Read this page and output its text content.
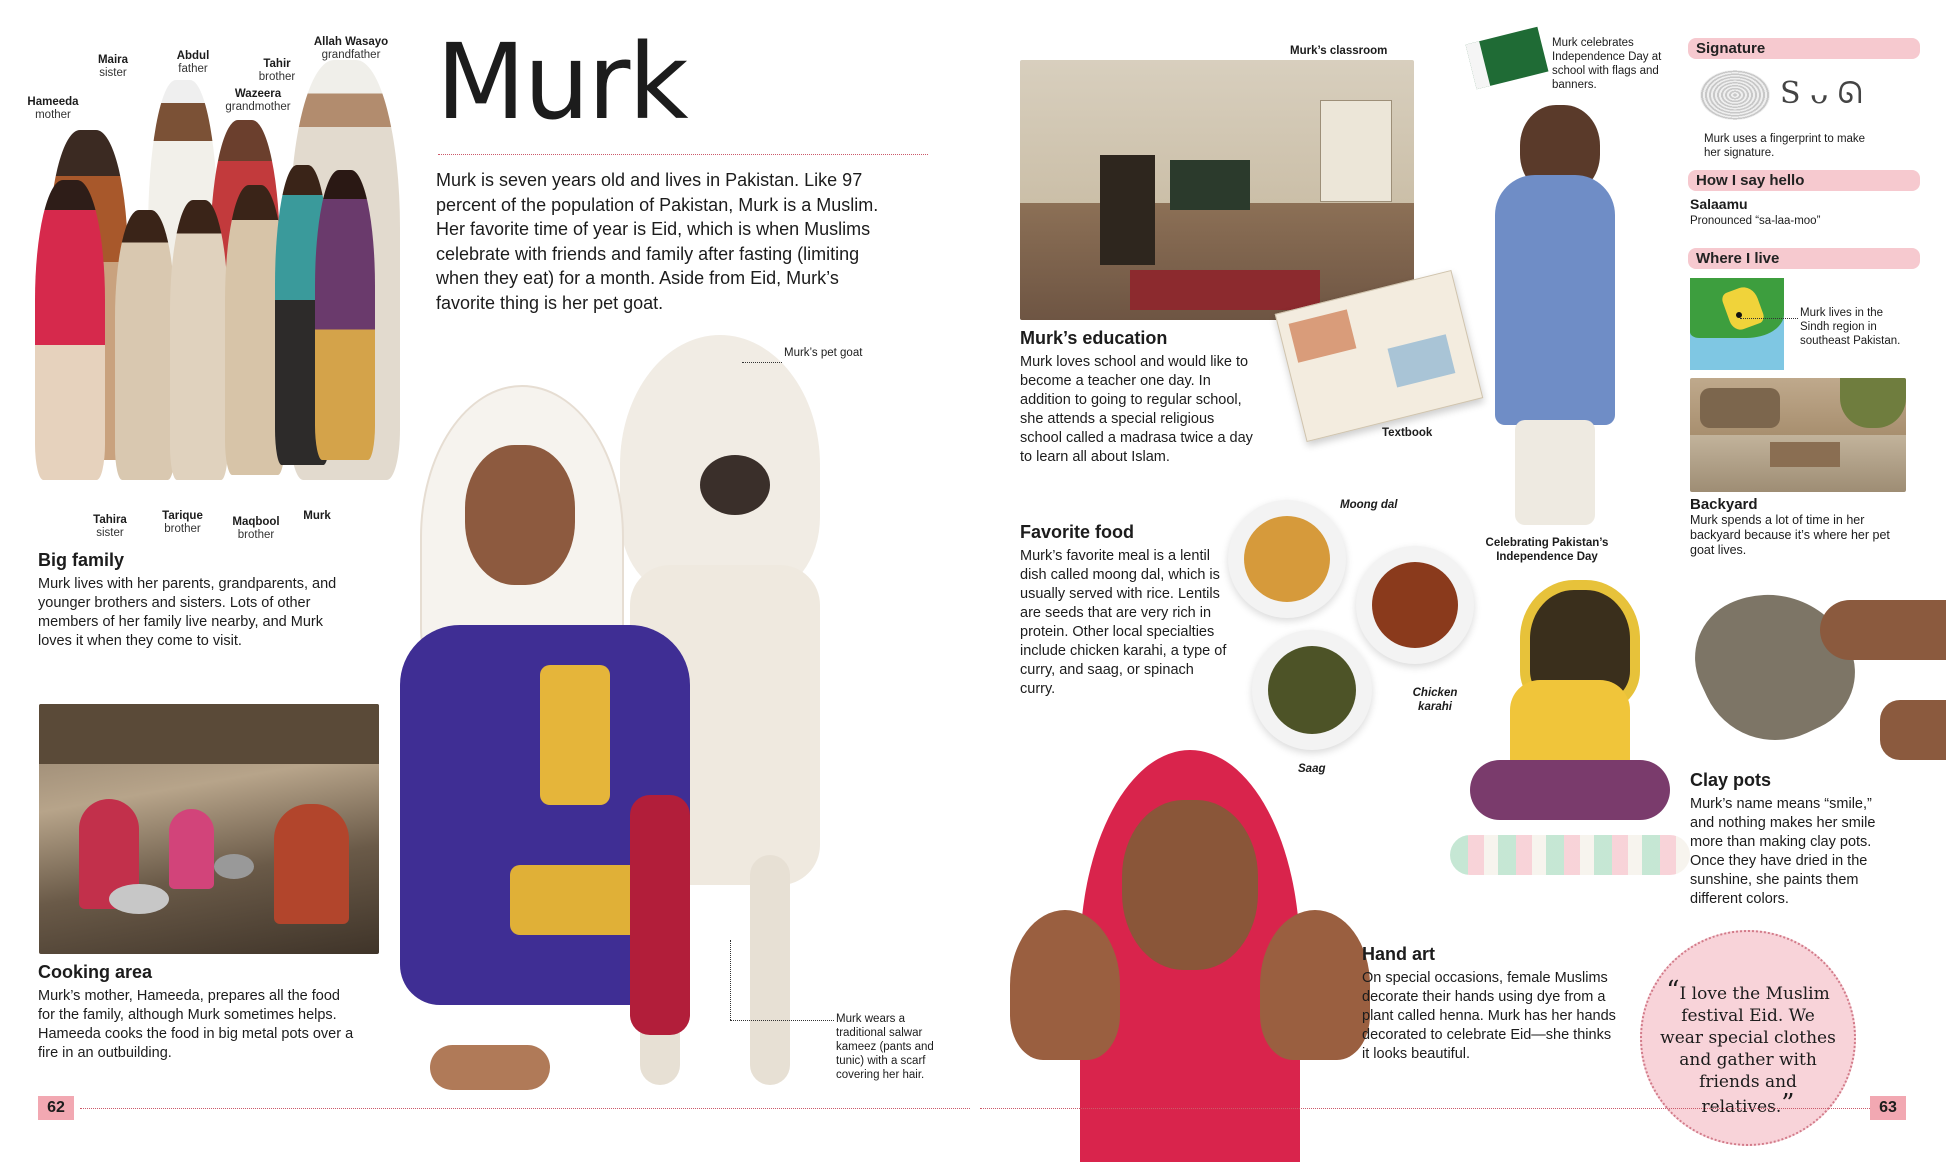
Maira
sister
Abdul
father	Tahir
brother
Allah Wasayo
grandfather
Hameeda
mother
Wazeera
grandmother
Tahira
sister
Tarique
brother
Maqbool
brother
Murk
Big family
Murk lives with her parents, grandparents, and younger brothers and sisters. Lots of other members of her family live nearby, and Murk loves it when they come to visit.
Murk
Murk is seven years old and lives in Pakistan. Like 97 percent of the population of Pakistan, Murk is a Muslim. Her favorite time of year is Eid, which is when Muslims celebrate with friends and family after fasting (limiting when they eat) for a month. Aside from Eid, Murk’s favorite thing is her pet goat.
Cooking area
Murk’s mother, Hameeda, prepares all the food for the family, although Murk sometimes helps. Hameeda cooks the food in big metal pots over a fire in an outbuilding.
Murk’s pet goat
Murk wears a traditional salwar kameez (pants and tunic) with a scarf covering her hair.
62
Murk’s classroom
Textbook
Murk’s education
Murk loves school and would like to become a teacher one day. In addition to going to regular school, she attends a special religious school called a madrasa twice a day to learn all about Islam.
Murk celebrates Independence Day at school with flags and banners.
Celebrating Pakistan’s Independence Day
Signature
S ᴗ ᘏ
Murk uses a fingerprint to make her signature.
How I say hello
Salaamu
Pronounced “sa-laa-moo”
Where I live
Murk lives in the Sindh region in southeast Pakistan.
Backyard
Murk spends a lot of time in her backyard because it’s where her pet goat lives.
Favorite food
Murk’s favorite meal is a lentil dish called moong dal, which is usually served with rice. Lentils are seeds that are very rich in protein. Other local specialties include chicken karahi, a type of curry, and saag, or spinach curry.
Moong dal
Chicken karahi
Saag
Clay pots
Murk’s name means “smile,” and nothing makes her smile more than making clay pots. Once they have dried in the sunshine, she paints them different colors.
Hand art
On special occasions, female Muslims decorate their hands using dye from a plant called henna. Murk has her hands decorated to celebrate Eid—she thinks it looks beautiful.
“I love the Muslim festival Eid. We wear special clothes and gather with friends and relatives.”	63
